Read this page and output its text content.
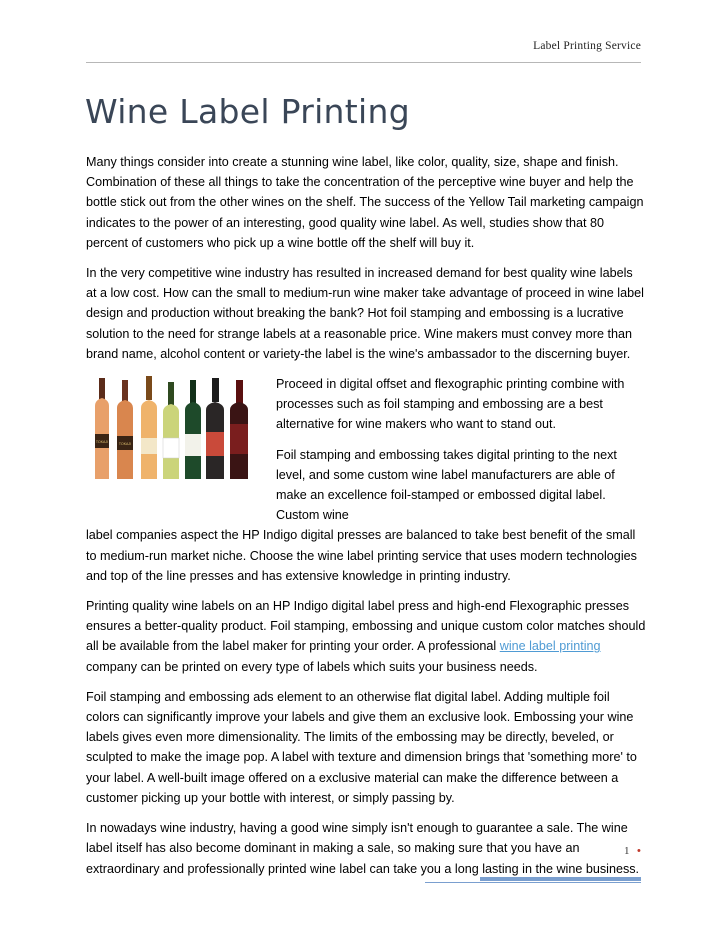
Label Printing Service
Wine Label Printing

Many things consider into create a stunning wine label, like color, quality, size, shape and finish. Combination of these all things to take the concentration of the perceptive wine buyer and help the bottle stick out from the other wines on the shelf. The success of the Yellow Tail marketing campaign indicates to the power of an interesting, good quality wine label. As well, studies show that 80 percent of customers who pick up a wine bottle off the shelf will buy it.

In the very competitive wine industry has resulted in increased demand for best quality wine labels at a low cost. How can the small to medium-run wine maker take advantage of proceed in wine label design and production without breaking the bank? Hot foil stamping and embossing is a lucrative solution to the need for strange labels at a reasonable price. Wine makers must convey more than brand name, alcohol content or variety-the label is the wine's ambassador to the discerning buyer.

TOKAJI	TOKAJI

Proceed in digital offset and flexographic printing combine with processes such as foil stamping and embossing are a best alternative for wine makers who want to stand out.

Foil stamping and embossing takes digital printing to the next level, and some custom wine label manufacturers are able of make an excellence foil-stamped or embossed digital label. Custom wine

label companies aspect the HP Indigo digital presses are balanced to take best benefit of the small to medium-run market niche. Choose the wine label printing service that uses modern technologies and top of the line presses and has extensive knowledge in printing industry.

Printing quality wine labels on an HP Indigo digital label press and high-end Flexographic presses ensures a better-quality product. Foil stamping, embossing and unique custom color matches should all be available from the label maker for printing your order. A professional wine label printing company can be printed on every type of labels which suits your business needs.

Foil stamping and embossing ads element to an otherwise flat digital label. Adding multiple foil colors can significantly improve your labels and give them an exclusive look. Embossing your wine labels gives even more dimensionality. The limits of the embossing may be directly, beveled, or sculpted to make the image pop. A label with texture and dimension brings that 'something more' to your label. A well-built image offered on a exclusive material can make the difference between a customer picking up your bottle with interest, or simply passing by.

In nowadays wine industry, having a good wine simply isn't enough to guarantee a sale. The wine label itself has also become dominant in making a sale, so making sure that you have an extraordinary and professionally printed wine label can take you a long lasting in the wine business.

1 •
